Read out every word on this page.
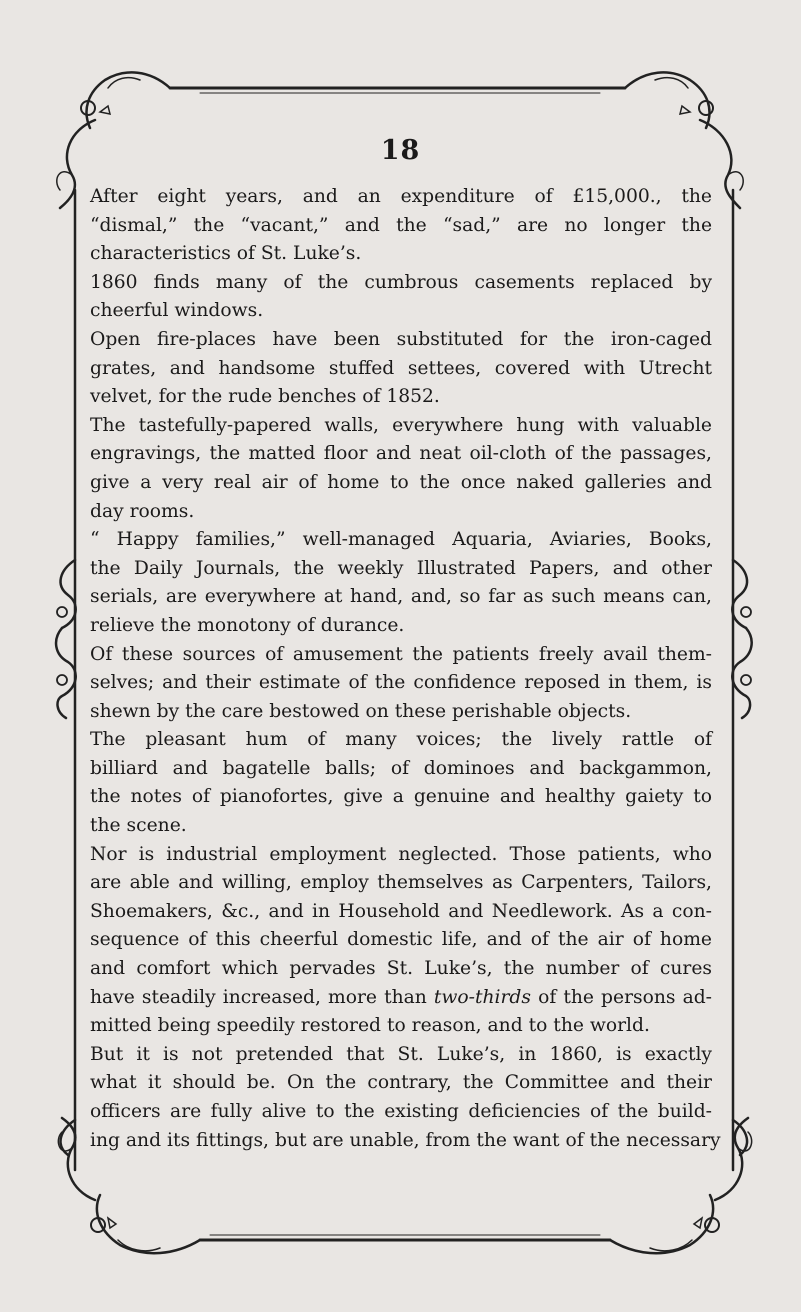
18

After eight years, and an expenditure of £15,000., the
“dismal,” the “vacant,” and the “sad,” are no longer the
characteristics of St. Luke’s.

1860 finds many of the cumbrous casements replaced by
cheerful windows.

Open fire-places have been substituted for the iron-caged
grates, and handsome stuffed settees, covered with Utrecht
velvet, for the rude benches of 1852.

The tastefully-papered walls, everywhere hung with valuable
engravings, the matted floor and neat oil-cloth of the passages,
give a very real air of home to the once naked galleries and
day rooms.

“ Happy families,” well-managed Aquaria, Aviaries, Books,
the Daily Journals, the weekly Illustrated Papers, and other
serials, are everywhere at hand, and, so far as such means can,
relieve the monotony of durance.

Of these sources of amusement the patients freely avail them-
selves; and their estimate of the confidence reposed in them, is
shewn by the care bestowed on these perishable objects.

The pleasant hum of many voices; the lively rattle of
billiard and bagatelle balls; of dominoes and backgammon,
the notes of pianofortes, give a genuine and healthy gaiety to
the scene.

Nor is industrial employment neglected. Those patients, who
are able and willing, employ themselves as Carpenters, Tailors,
Shoemakers, &c., and in Household and Needlework. As a con-
sequence of this cheerful domestic life, and of the air of home
and comfort which pervades St. Luke’s, the number of cures
have steadily increased, more than two-thirds of the persons ad-
mitted being speedily restored to reason, and to the world.

But it is not pretended that St. Luke’s, in 1860, is exactly
what it should be. On the contrary, the Committee and their
officers are fully alive to the existing deficiencies of the build-
ing and its fittings, but are unable, from the want of the necessary
